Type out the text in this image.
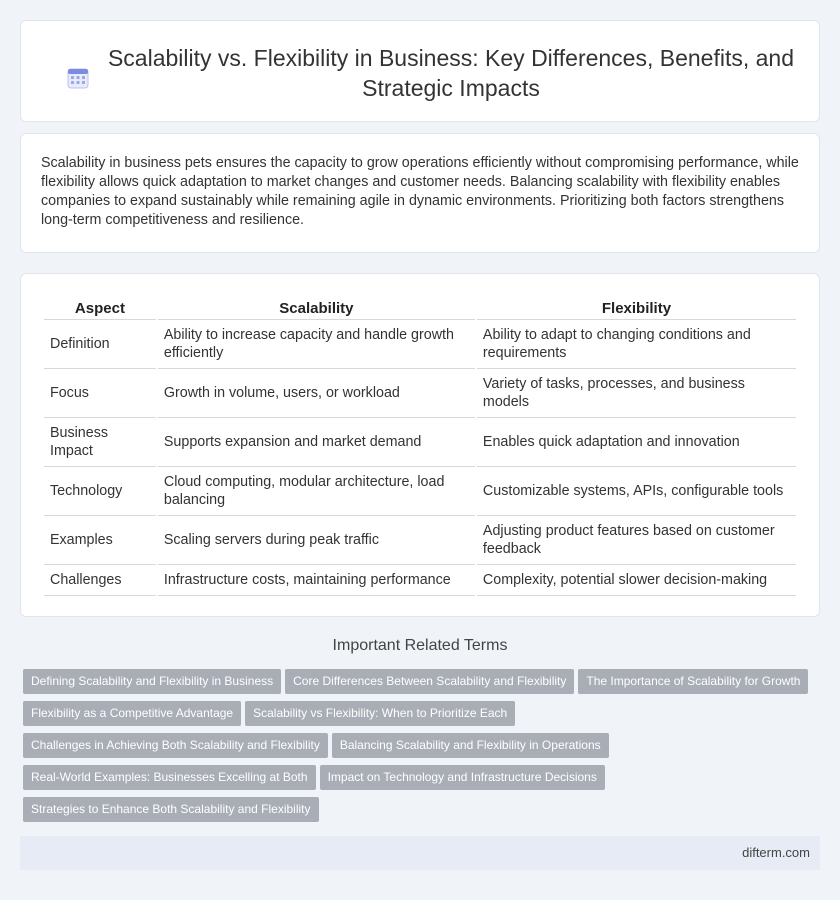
Scalability vs. Flexibility in Business: Key Differences, Benefits, and Strategic Impacts

Scalability in business pets ensures the capacity to grow operations efficiently without compromising performance, while flexibility allows quick adaptation to market changes and customer needs. Balancing scalability with flexibility enables companies to expand sustainably while remaining agile in dynamic environments. Prioritizing both factors strengthens long-term competitiveness and resilience.

Aspect	Scalability	Flexibility
Definition	Ability to increase capacity and handle growth efficiently	Ability to adapt to changing conditions and requirements
Focus	Growth in volume, users, or workload	Variety of tasks, processes, and business models
Business Impact	Supports expansion and market demand	Enables quick adaptation and innovation
Technology	Cloud computing, modular architecture, load balancing	Customizable systems, APIs, configurable tools
Examples	Scaling servers during peak traffic	Adjusting product features based on customer feedback
Challenges	Infrastructure costs, maintaining performance	Complexity, potential slower decision-making
Important Related Terms
Defining Scalability and Flexibility in Business Core Differences Between Scalability and Flexibility The Importance of Scalability for Growth
Flexibility as a Competitive Advantage Scalability vs Flexibility: When to Prioritize Each
Challenges in Achieving Both Scalability and Flexibility Balancing Scalability and Flexibility in Operations
Real-World Examples: Businesses Excelling at Both Impact on Technology and Infrastructure Decisions
Strategies to Enhance Both Scalability and Flexibility
difterm.com
